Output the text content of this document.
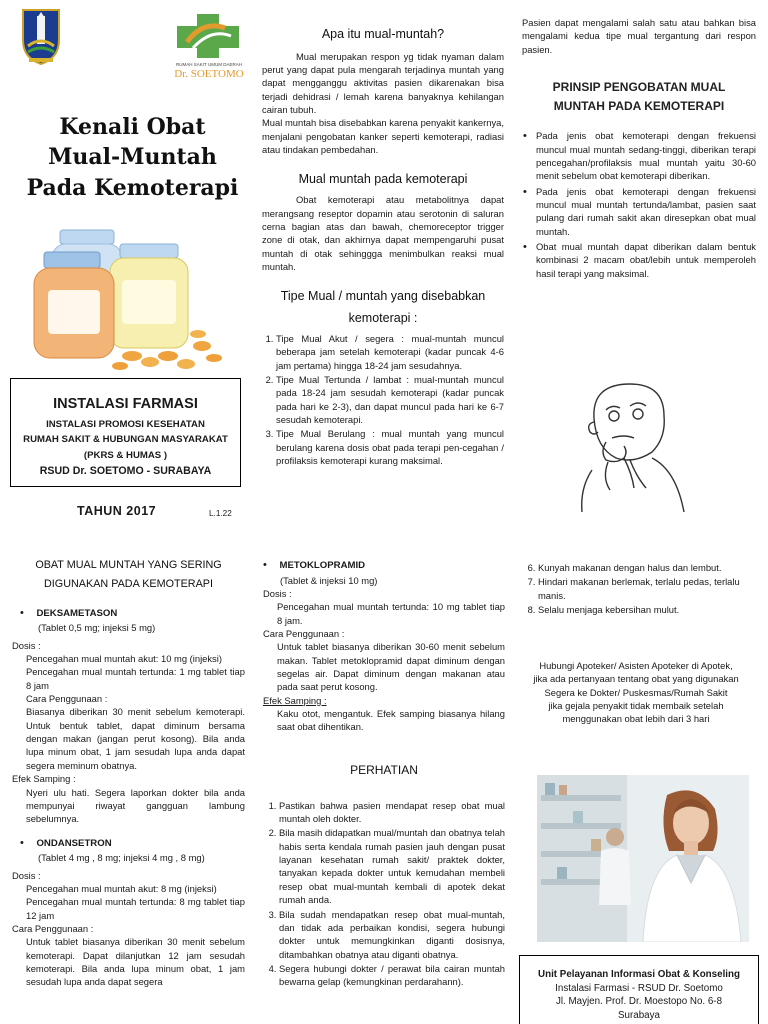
RUMAH SAKIT UMUM DAERAH
Dr. SOETOMO
Kenali Obat
Mual-Muntah
Pada Kemoterapi
INSTALASI FARMASI
INSTALASI PROMOSI KESEHATAN
RUMAH SAKIT & HUBUNGAN MASYARAKAT
(PKRS & HUMAS )
RSUD Dr. SOETOMO - SURABAYA
TAHUN 2017	L.1.22
Apa itu mual-muntah?
Mual merupakan respon yg tidak nyaman dalam perut yang dapat pula mengarah terjadinya muntah yang dapat mengganggu aktivitas pasien dikarenakan bisa terjadi dehidrasi / lemah karena banyaknya kehilangan cairan tubuh.
Mual muntah bisa disebabkan karena penyakit kankernya, menjalani pengobatan kanker seperti kemoterapi, radiasi atau tindakan pembedahan.
Mual muntah pada kemoterapi
Obat kemoterapi atau metabolitnya dapat merangsang reseptor dopamin atau serotonin di saluran cerna bagian atas dan bawah, chemoreceptor trigger zone di otak, dan akhirnya dapat mempengaruhi pusat muntah di otak sehinggga menimbulkan reaksi mual muntah.
Tipe Mual / muntah yang disebabkan
kemoterapi :
1. Tipe Mual Akut / segera : mual-muntah muncul beberapa jam setelah kemoterapi (kadar puncak 4-6 jam pertama) hingga 18-24 jam sesudahnya.
2. Tipe Mual Tertunda / lambat : mual-muntah muncul pada 18-24 jam sesudah kemoterapi (kadar puncak pada hari ke 2-3), dan dapat muncul pada hari ke 6-7 sesudah kemoterapi.
3. Tipe Mual Berulang : mual muntah yang muncul berulang karena dosis obat pada terapi pen-cegahan / profilaksis kemoterapi kurang maksimal.
Pasien dapat mengalami salah satu atau bahkan bisa mengalami kedua tipe mual tergantung dari respon pasien.
PRINSIP PENGOBATAN MUAL
MUNTAH PADA KEMOTERAPI
• Pada jenis obat kemoterapi dengan frekuensi muncul mual muntah sedang-tinggi, diberikan terapi pencegahan/profilaksis mual muntah yaitu 30-60 menit sebelum obat kemoterapi diberikan.
• Pada jenis obat kemoterapi dengan frekuensi muncul mual muntah tertunda/lambat, pasien saat pulang dari rumah sakit akan diresepkan obat mual muntah.
• Obat mual muntah dapat diberikan dalam bentuk kombinasi 2 macam obat/lebih untuk memperoleh hasil terapi yang maksimal.
OBAT MUAL MUNTAH YANG SERING
DIGUNAKAN PADA KEMOTERAPI
• DEKSAMETASON
(Tablet 0,5 mg; injeksi 5 mg)
Dosis :
Pencegahan mual muntah akut: 10 mg (injeksi)
Pencegahan mual muntah tertunda: 1 mg tablet tiap 8 jam
Cara Penggunaan :
Biasanya diberikan 30 menit sebelum kemoterapi. Untuk bentuk tablet, dapat diminum bersama dengan makan (jangan perut kosong). Bila anda lupa minum obat, 1 jam sesudah lupa anda dapat segera meminum obatnya.
Efek Samping :
Nyeri ulu hati. Segera laporkan dokter bila anda mempunyai riwayat gangguan lambung sebelumnya.
• ONDANSETRON
(Tablet 4 mg , 8 mg; injeksi 4 mg , 8 mg)
Dosis :
Pencegahan mual muntah akut: 8 mg (injeksi)
Pencegahan mual muntah tertunda: 8 mg tablet tiap 12 jam
Cara Penggunaan :
Untuk tablet biasanya diberikan 30 menit sebelum kemoterapi. Dapat dilanjutkan 12 jam sesudah kemoterapi. Bila anda lupa minum obat, 1 jam sesudah lupa anda dapat segera
• METOKLOPRAMID
(Tablet & injeksi 10 mg)
Dosis :
Pencegahan mual muntah tertunda: 10 mg tablet tiap 8 jam.
Cara Penggunaan :
Untuk tablet biasanya diberikan 30-60 menit sebelum makan. Tablet metoklopramid dapat diminum dengan segelas air. Dapat diminum dengan makanan atau pada saat perut kosong.
Efek Samping :
Kaku otot, mengantuk. Efek samping biasanya hilang saat obat dihentikan.
PERHATIAN
1. Pastikan bahwa pasien mendapat resep obat mual muntah oleh dokter.
2. Bila masih didapatkan mual/muntah dan obatnya telah habis serta kendala rumah pasien jauh dengan pusat layanan kesehatan rumah sakit/ praktek dokter, tanyakan kepada dokter untuk kemudahan membeli resep obat mual-muntah kembali di apotek dekat rumah anda.
3. Bila sudah mendapatkan resep obat mual-muntah, dan tidak ada perbaikan kondisi, segera hubungi dokter untuk memungkinkan diganti dosisnya, ditambahkan obatnya atau diganti obatnya.
4. Segera hubungi dokter / perawat bila cairan muntah bewarna gelap (kemungkinan perdarahann).
6. Kunyah makanan dengan halus dan lembut.
7. Hindari makanan berlemak, terlalu pedas, terlalu manis.
8. Selalu menjaga kebersihan mulut.
Hubungi Apoteker/ Asisten Apoteker di Apotek,
jika ada pertanyaan tentang obat yang digunakan
Segera ke Dokter/ Puskesmas/Rumah Sakit
jika gejala penyakit tidak membaik setelah
menggunakan obat lebih dari 3 hari
Unit Pelayanan Informasi Obat & Konseling
Instalasi Farmasi - RSUD Dr. Soetomo
Jl. Mayjen. Prof. Dr. Moestopo No. 6-8
Surabaya
